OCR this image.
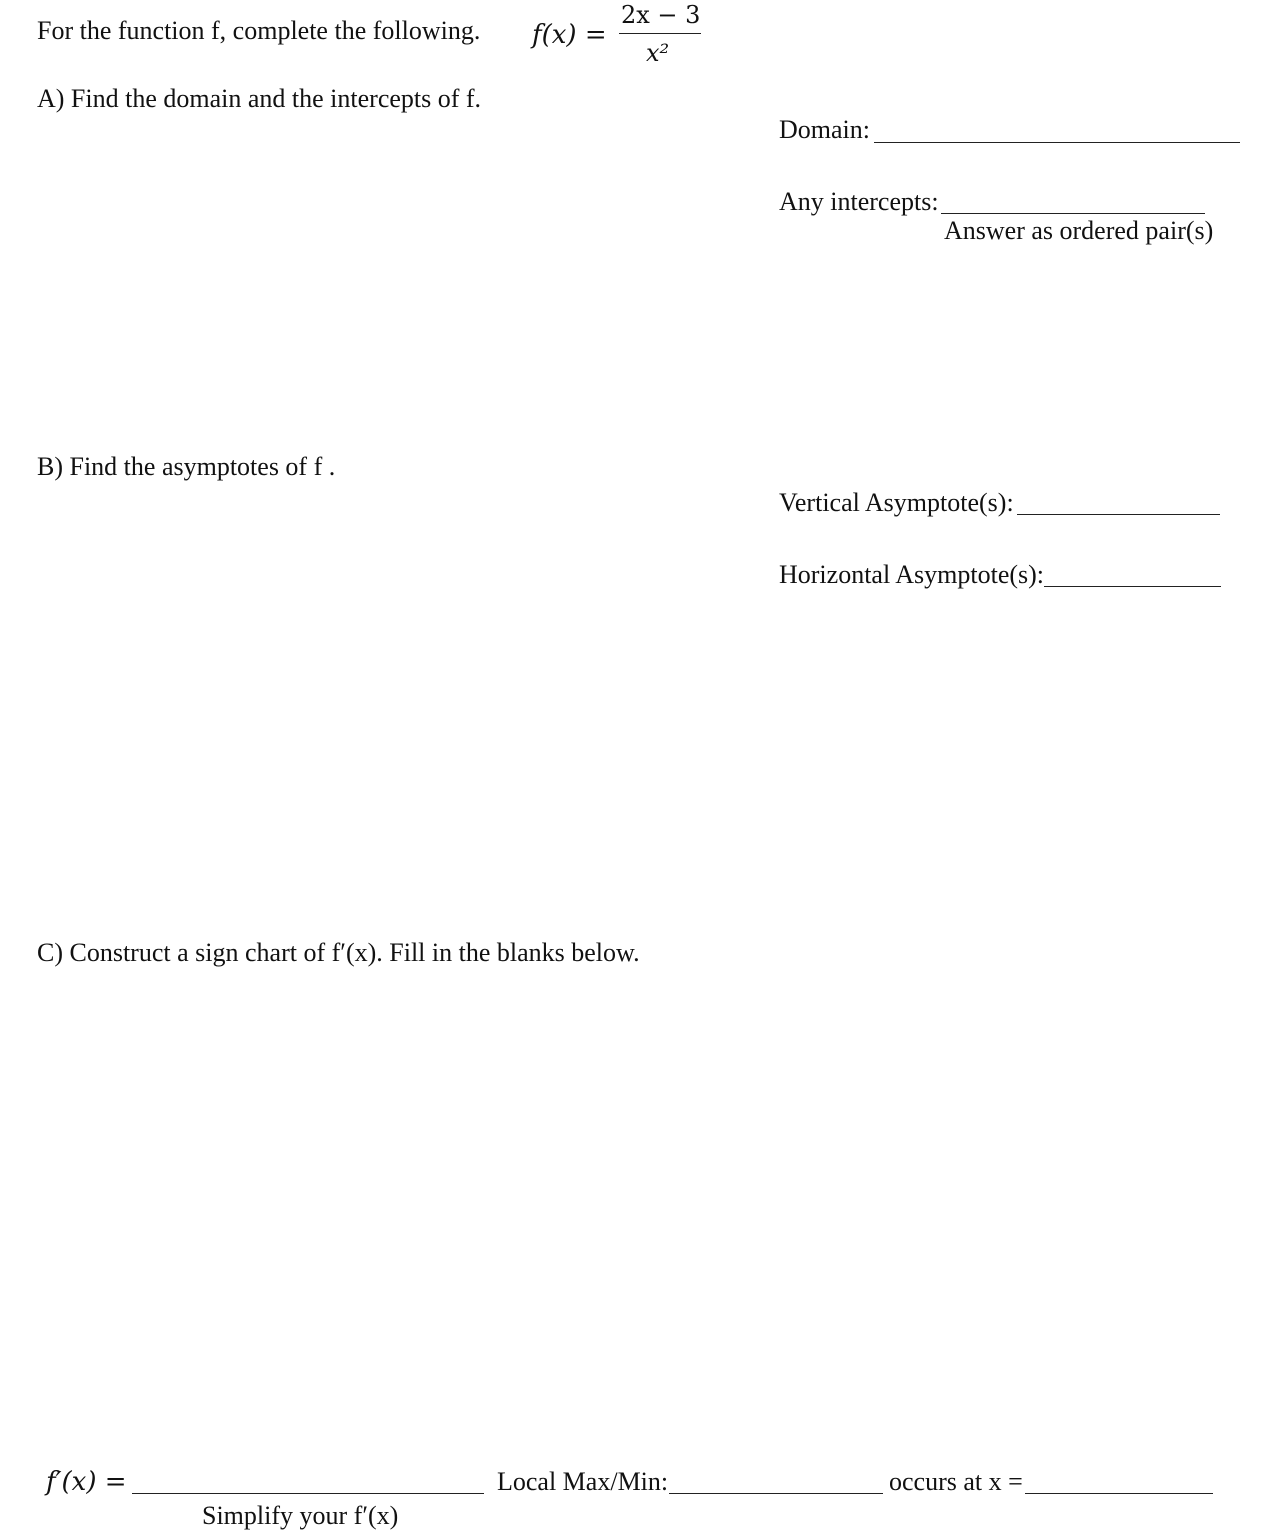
For the function f, complete the following. f(x) =
2x − 3
x²
A) Find the domain and the intercepts of f.
Domain:
Any intercepts:
Answer as ordered pair(s)
B) Find the asymptotes of f .
Vertical Asymptote(s):
Horizontal Asymptote(s):
C) Construct a sign chart of f′(x). Fill in the blanks below.
f′(x) =
Simplify your f′(x)
Local Max/Min:	occurs at x =
